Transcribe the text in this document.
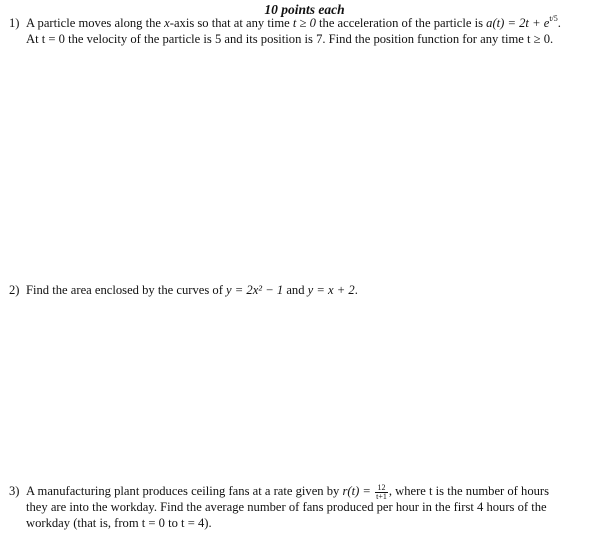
10 points each
1) A particle moves along the x-axis so that at any time t ≥ 0 the acceleration of the particle is $a(t) = 2t + e^{t/5}$.
At t = 0 the velocity of the particle is 5 and its position is 7. Find the position function for any time t ≥ 0.
2) Find the area enclosed by the curves of y = 2x² − 1 and y = x + 2.
3) A manufacturing plant produces ceiling fans at a rate given by $r(t) = \frac{12}{t+1}$ , where t is the number of hours
they are into the workday. Find the average number of fans produced per hour in the first 4 hours of the
workday (that is, from t = 0 to t = 4).
